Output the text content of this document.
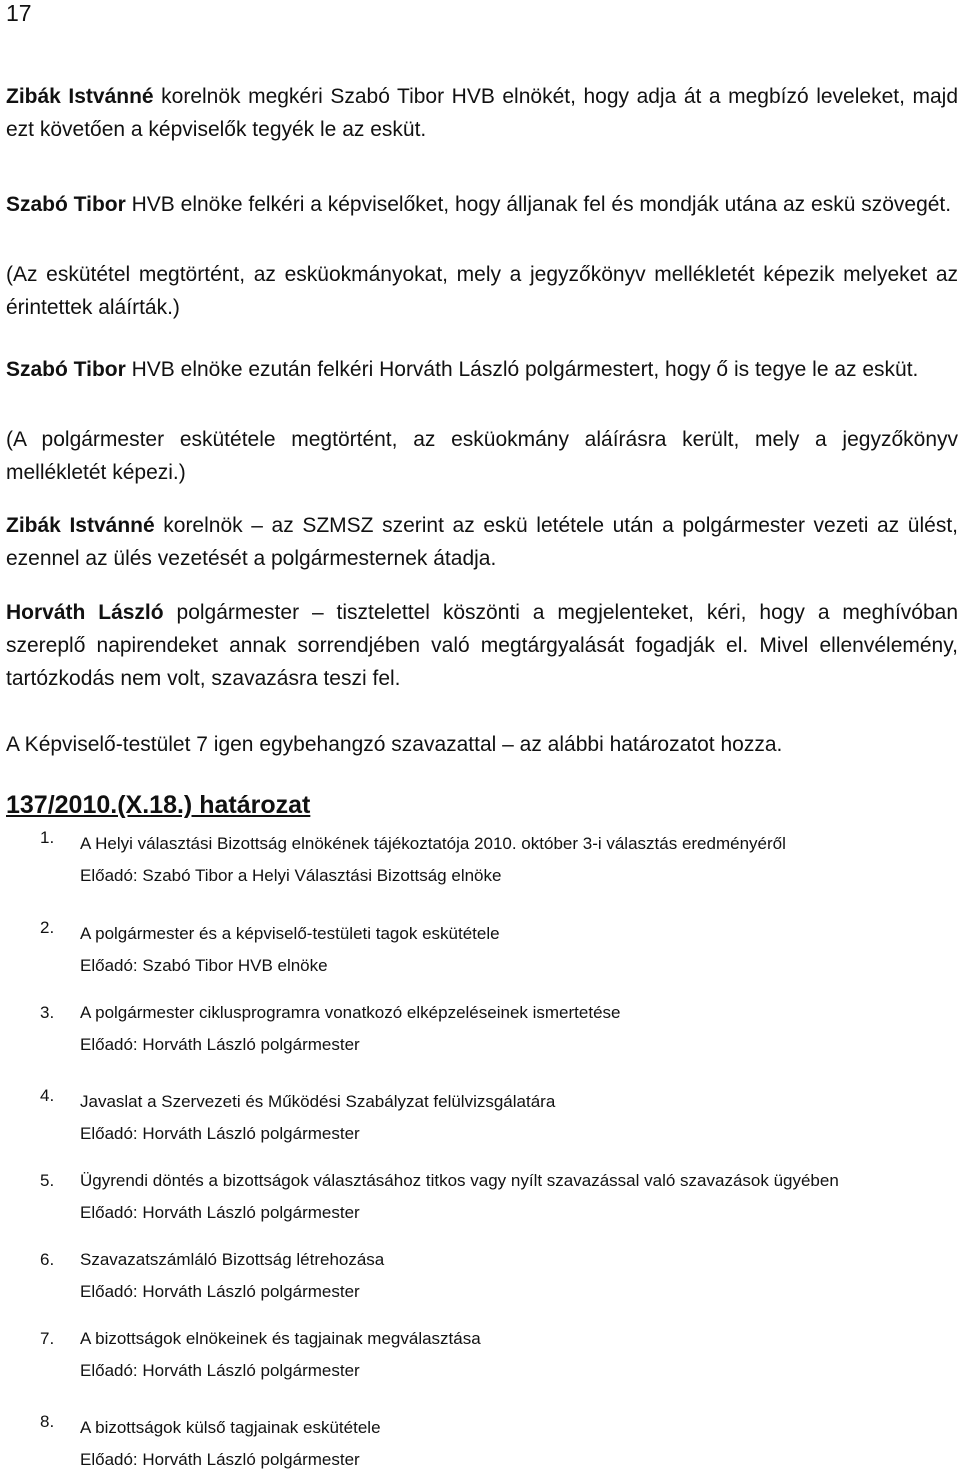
17

Zibák Istvánné korelnök megkéri Szabó Tibor HVB elnökét, hogy adja át a megbízó leveleket, majd ezt követően a képviselők tegyék le az esküt.

Szabó Tibor HVB elnöke felkéri a képviselőket, hogy álljanak fel és mondják utána az eskü szövegét.

(Az eskütétel megtörtént, az esküokmányokat, mely a jegyzőkönyv mellékletét képezik melyeket az érintettek aláírták.)

Szabó Tibor HVB elnöke ezután felkéri Horváth László polgármestert, hogy ő is tegye le az esküt.

(A polgármester eskütétele megtörtént, az esküokmány aláírásra került, mely a jegyzőkönyv mellékletét képezi.)

Zibák Istvánné korelnök – az SZMSZ szerint az eskü letétele után a polgármester vezeti az ülést, ezennel az ülés vezetését a polgármesternek átadja.

Horváth László polgármester – tisztelettel köszönti a megjelenteket, kéri, hogy a meghívóban szereplő napirendeket annak sorrendjében való megtárgyalását fogadják el. Mivel ellenvélemény, tartózkodás nem volt, szavazásra teszi fel.

A Képviselő-testület 7 igen egybehangzó szavazattal – az alábbi határozatot hozza.
137/2010.(X.18.) határozat
1.	A Helyi választási Bizottság elnökének tájékoztatója 2010. október 3-i választás eredményéről
Előadó: Szabó Tibor a Helyi Választási Bizottság elnöke
2.	A polgármester és a képviselő-testületi tagok eskütétele
Előadó: Szabó Tibor HVB elnöke
3.	A polgármester ciklusprogramra vonatkozó elképzeléseinek ismertetése
Előadó: Horváth László polgármester
4.	Javaslat a Szervezeti és Működési Szabályzat felülvizsgálatára
Előadó: Horváth László polgármester
5.	Ügyrendi döntés a bizottságok választásához titkos vagy nyílt szavazással való szavazások ügyében
Előadó: Horváth László polgármester
6.	Szavazatszámláló Bizottság létrehozása
Előadó: Horváth László polgármester
7.	A bizottságok elnökeinek és tagjainak megválasztása
Előadó: Horváth László polgármester
8.	A bizottságok külső tagjainak eskütétele
Előadó: Horváth László polgármester
